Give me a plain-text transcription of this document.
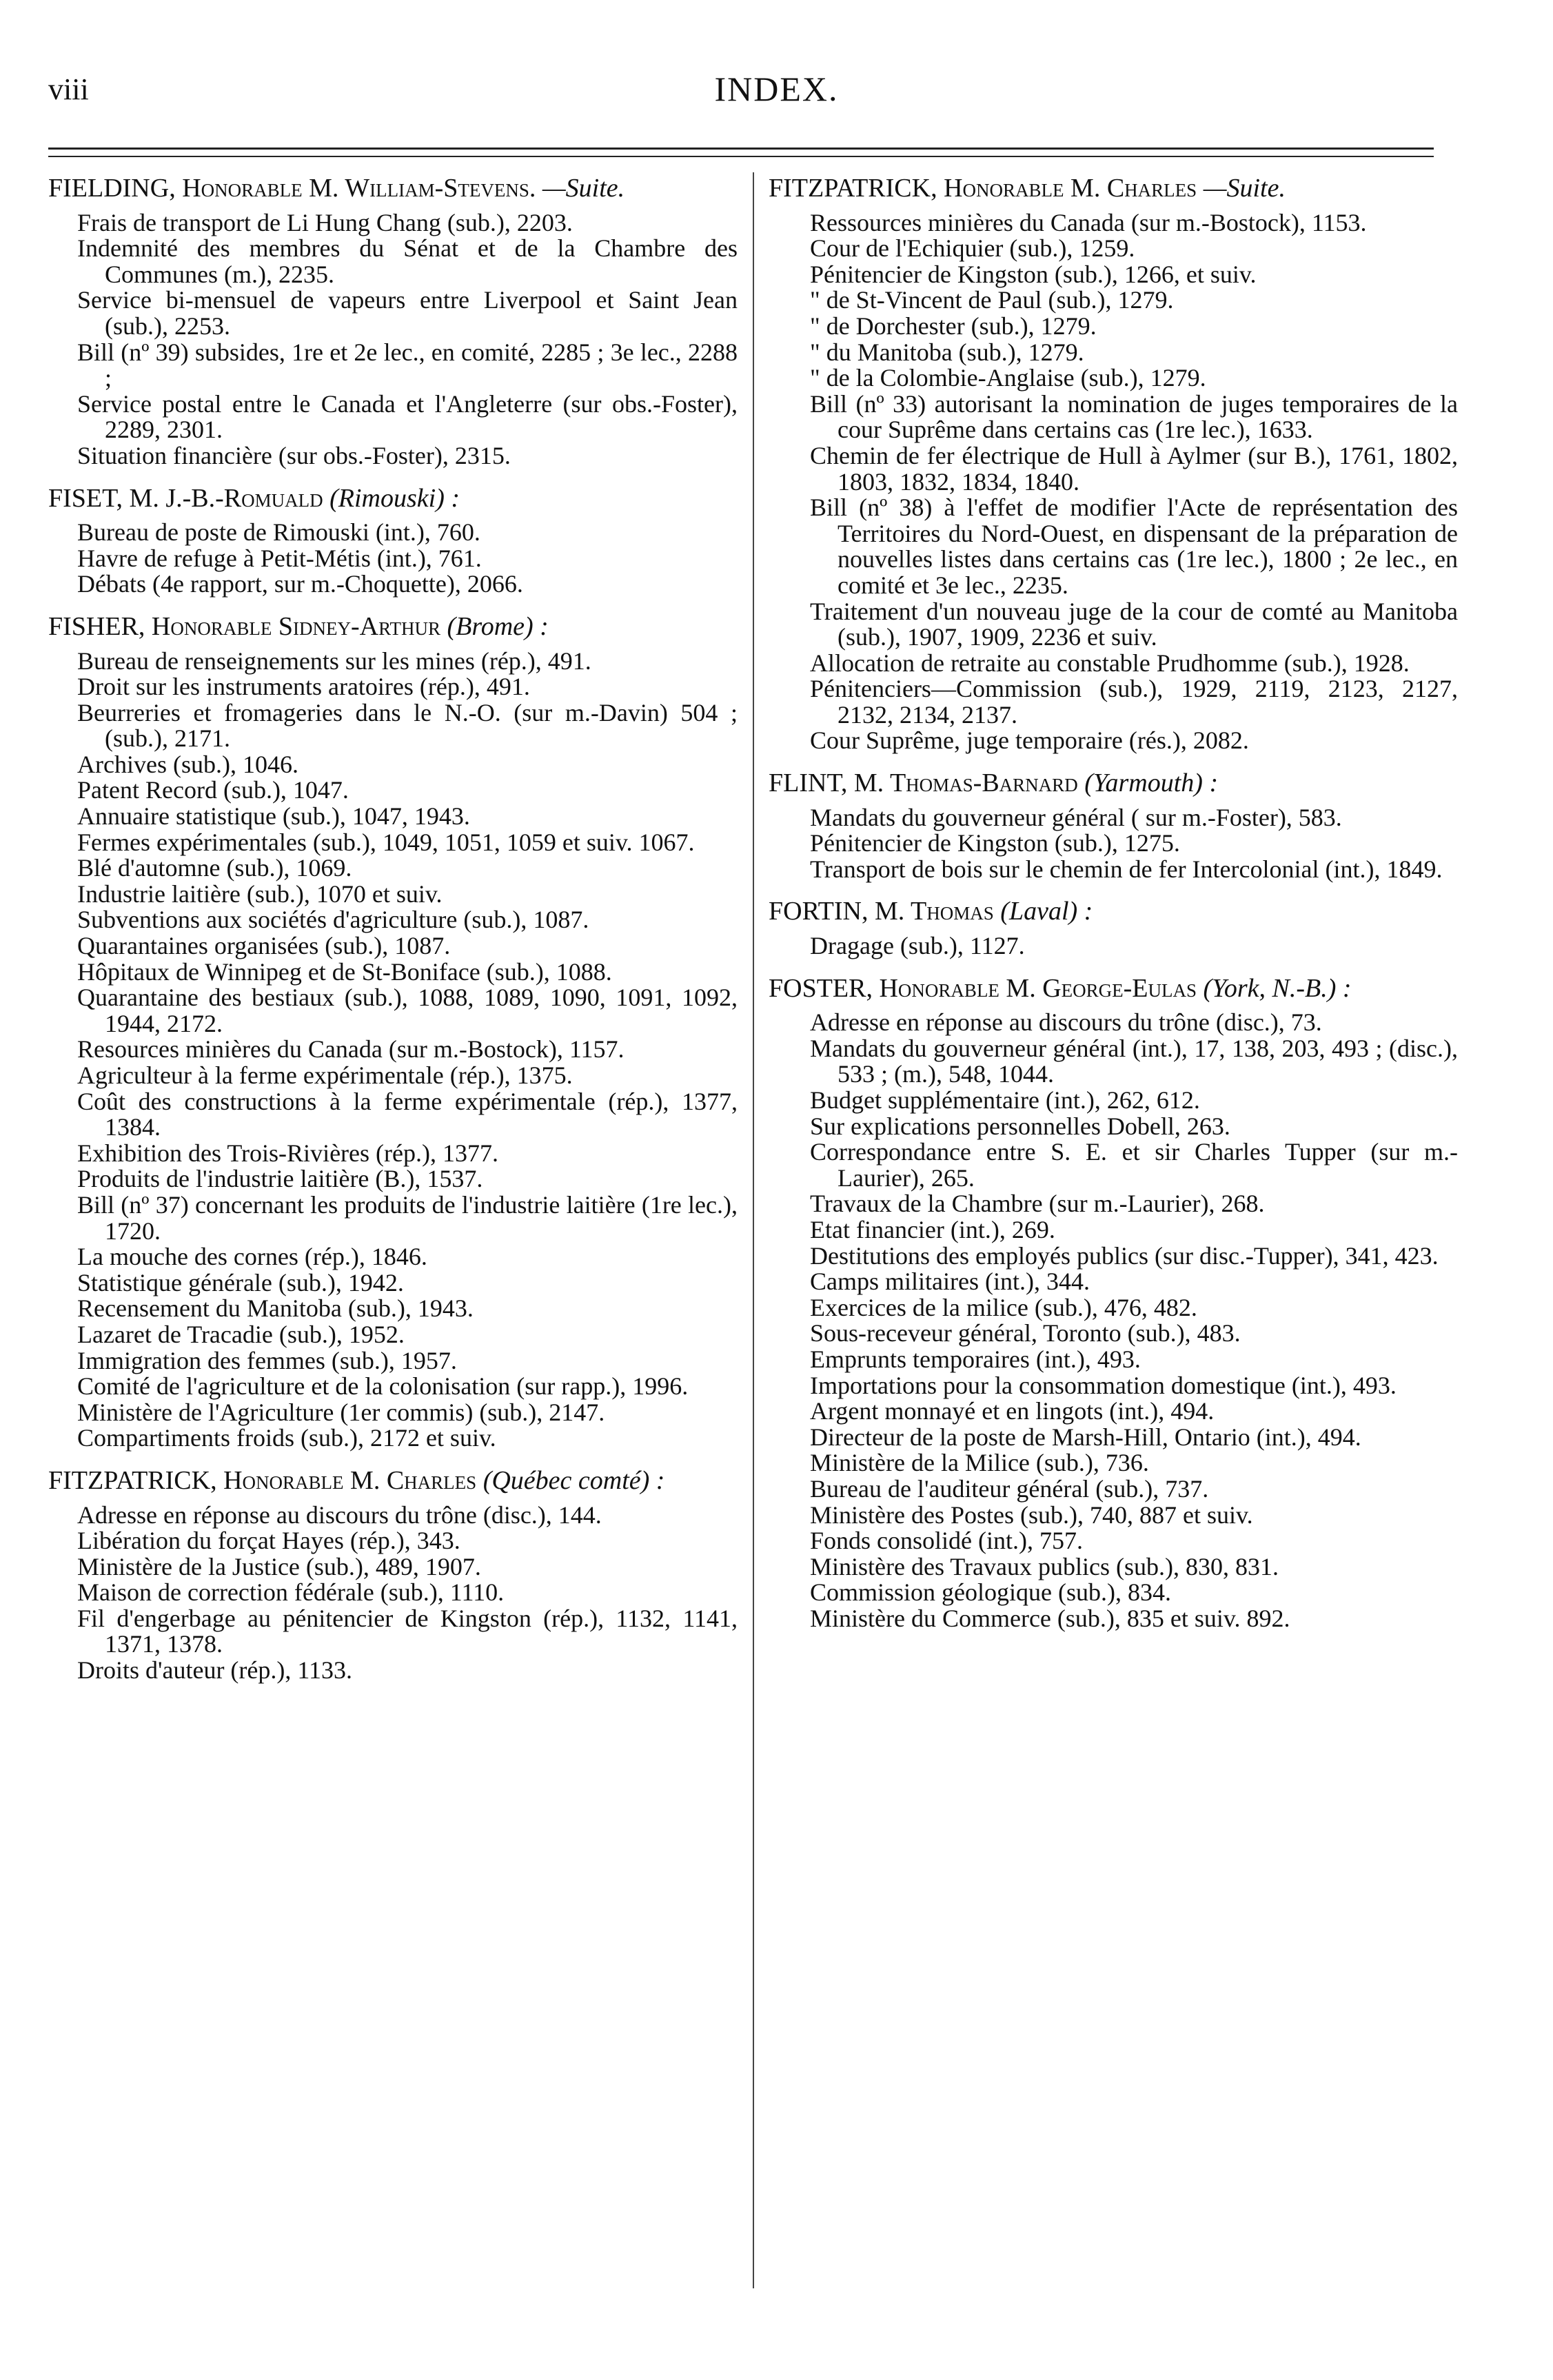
viii	INDEX.
FIELDING, Honorable M. William-Stevens. —Suite.
Frais de transport de Li Hung Chang (sub.), 2203.
Indemnité des membres du Sénat et de la Chambre des Communes (m.), 2235.
Service bi-mensuel de vapeurs entre Liverpool et Saint Jean (sub.), 2253.
Bill (nº 39) subsides, 1re et 2e lec., en comité, 2285 ; 3e lec., 2288 ;
Service postal entre le Canada et l'Angleterre (sur obs.-Foster), 2289, 2301.
Situation financière (sur obs.-Foster), 2315.
FISET, M. J.-B.-Romuald (Rimouski) :
Bureau de poste de Rimouski (int.), 760.
Havre de refuge à Petit-Métis (int.), 761.
Débats (4e rapport, sur m.-Choquette), 2066.
FISHER, Honorable Sidney-Arthur (Brome) :
Bureau de renseignements sur les mines (rép.), 491.
Droit sur les instruments aratoires (rép.), 491.
Beurreries et fromageries dans le N.-O. (sur m.-Davin) 504 ; (sub.), 2171.
Archives (sub.), 1046.
Patent Record (sub.), 1047.
Annuaire statistique (sub.), 1047, 1943.
Fermes expérimentales (sub.), 1049, 1051, 1059 et suiv. 1067.
Blé d'automne (sub.), 1069.
Industrie laitière (sub.), 1070 et suiv.
Subventions aux sociétés d'agriculture (sub.), 1087.
Quarantaines organisées (sub.), 1087.
Hôpitaux de Winnipeg et de St-Boniface (sub.), 1088.
Quarantaine des bestiaux (sub.), 1088, 1089, 1090, 1091, 1092, 1944, 2172.
Resources minières du Canada (sur m.-Bostock), 1157.
Agriculteur à la ferme expérimentale (rép.), 1375.
Coût des constructions à la ferme expérimentale (rép.), 1377, 1384.
Exhibition des Trois-Rivières (rép.), 1377.
Produits de l'industrie laitière (B.), 1537.
Bill (nº 37) concernant les produits de l'industrie laitière (1re lec.), 1720.
La mouche des cornes (rép.), 1846.
Statistique générale (sub.), 1942.
Recensement du Manitoba (sub.), 1943.
Lazaret de Tracadie (sub.), 1952.
Immigration des femmes (sub.), 1957.
Comité de l'agriculture et de la colonisation (sur rapp.), 1996.
Ministère de l'Agriculture (1er commis) (sub.), 2147.
Compartiments froids (sub.), 2172 et suiv.
FITZPATRICK, Honorable M. Charles (Québec comté) :
Adresse en réponse au discours du trône (disc.), 144.
Libération du forçat Hayes (rép.), 343.
Ministère de la Justice (sub.), 489, 1907.
Maison de correction fédérale (sub.), 1110.
Fil d'engerbage au pénitencier de Kingston (rép.), 1132, 1141, 1371, 1378.
Droits d'auteur (rép.), 1133.
FITZPATRICK, Honorable M. Charles —Suite.
Ressources minières du Canada (sur m.-Bostock), 1153.
Cour de l'Echiquier (sub.), 1259.
Pénitencier de Kingston (sub.), 1266, et suiv.
" de St-Vincent de Paul (sub.), 1279.
" de Dorchester (sub.), 1279.
" du Manitoba (sub.), 1279.
" de la Colombie-Anglaise (sub.), 1279.
Bill (nº 33) autorisant la nomination de juges temporaires de la cour Suprême dans certains cas (1re lec.), 1633.
Chemin de fer électrique de Hull à Aylmer (sur B.), 1761, 1802, 1803, 1832, 1834, 1840.
Bill (nº 38) à l'effet de modifier l'Acte de représentation des Territoires du Nord-Ouest, en dispensant de la préparation de nouvelles listes dans certains cas (1re lec.), 1800 ; 2e lec., en comité et 3e lec., 2235.
Traitement d'un nouveau juge de la cour de comté au Manitoba (sub.), 1907, 1909, 2236 et suiv.
Allocation de retraite au constable Prudhomme (sub.), 1928.
Pénitenciers—Commission (sub.), 1929, 2119, 2123, 2127, 2132, 2134, 2137.
Cour Suprême, juge temporaire (rés.), 2082.
FLINT, M. Thomas-Barnard (Yarmouth) :
Mandats du gouverneur général ( sur m.-Foster), 583.
Pénitencier de Kingston (sub.), 1275.
Transport de bois sur le chemin de fer Intercolonial (int.), 1849.
FORTIN, M. Thomas (Laval) :
Dragage (sub.), 1127.
FOSTER, Honorable M. George-Eulas (York, N.-B.) :
Adresse en réponse au discours du trône (disc.), 73.
Mandats du gouverneur général (int.), 17, 138, 203, 493 ; (disc.), 533 ; (m.), 548, 1044.
Budget supplémentaire (int.), 262, 612.
Sur explications personnelles Dobell, 263.
Correspondance entre S. E. et sir Charles Tupper (sur m.-Laurier), 265.
Travaux de la Chambre (sur m.-Laurier), 268.
Etat financier (int.), 269.
Destitutions des employés publics (sur disc.-Tupper), 341, 423.
Camps militaires (int.), 344.
Exercices de la milice (sub.), 476, 482.
Sous-receveur général, Toronto (sub.), 483.
Emprunts temporaires (int.), 493.
Importations pour la consommation domestique (int.), 493.
Argent monnayé et en lingots (int.), 494.
Directeur de la poste de Marsh-Hill, Ontario (int.), 494.
Ministère de la Milice (sub.), 736.
Bureau de l'auditeur général (sub.), 737.
Ministère des Postes (sub.), 740, 887 et suiv.
Fonds consolidé (int.), 757.
Ministère des Travaux publics (sub.), 830, 831.
Commission géologique (sub.), 834.
Ministère du Commerce (sub.), 835 et suiv. 892.
